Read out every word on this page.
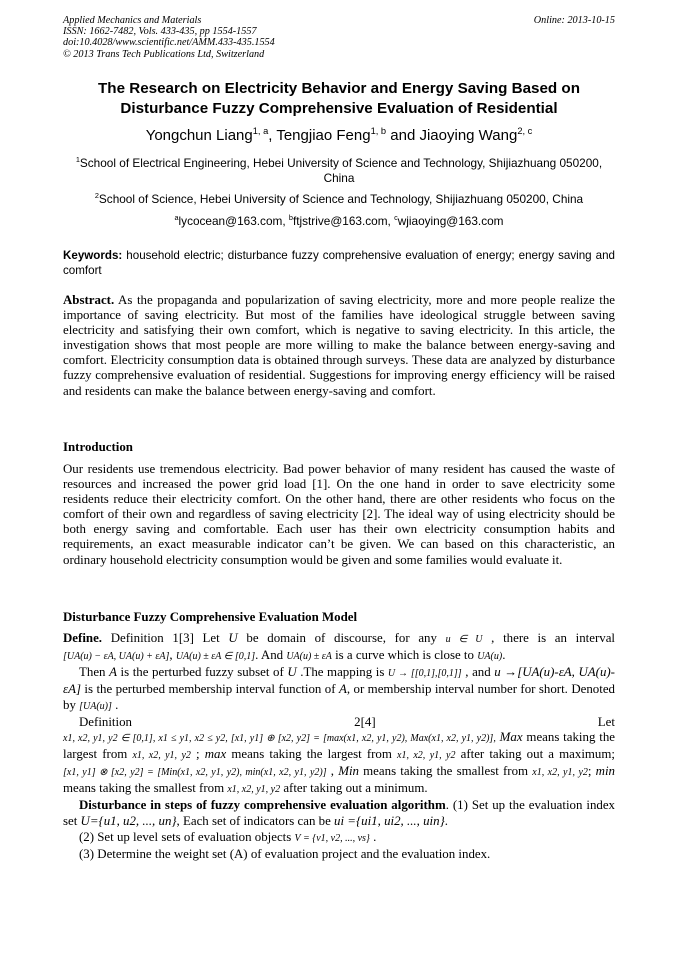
Applied Mechanics and Materials
ISSN: 1662-7482, Vols. 433-435, pp 1554-1557
doi:10.4028/www.scientific.net/AMM.433-435.1554
© 2013 Trans Tech Publications Ltd, Switzerland
Online: 2013-10-15
The Research on Electricity Behavior and Energy Saving Based on
Disturbance Fuzzy Comprehensive Evaluation of Residential
Yongchun Liang$^{1, a}$, Tengjiao Feng$^{1, b}$ and Jiaoying Wang$^{2, c}$
$^1$School of Electrical Engineering, Hebei University of Science and Technology, Shijiazhuang 050200, China
$^2$School of Science, Hebei University of Science and Technology, Shijiazhuang 050200, China
$^a$lycocean@163.com, $^b$ftjstrive@163.com, $^c$wjiaoying@163.com
Keywords: household electric; disturbance fuzzy comprehensive evaluation of energy; energy saving and comfort
Abstract. As the propaganda and popularization of saving electricity, more and more people realize the importance of saving electricity. But most of the families have ideological struggle between saving electricity and satisfying their own comfort, which is negative to saving electricity. In this article, the investigation shows that most people are more willing to make the balance between energy-saving and comfort. Electricity consumption data is obtained through surveys. These data are analyzed by disturbance fuzzy comprehensive evaluation of residential. Suggestions for improving energy efficiency will be raised and residents can make the balance between energy-saving and comfort.
Introduction
Our residents use tremendous electricity. Bad power behavior of many resident has caused the waste of resources and increased the power grid load [1]. On the one hand in order to save electricity some residents reduce their electricity comfort. On the other hand, there are other residents who focus on the comfort of their own and regardless of saving electricity [2]. The ideal way of using electricity should be both energy saving and comfortable. Each user has their own electricity consumption habits and requirements, an exact measurable indicator can’t be given. We can based on this characteristic, an ordinary household electricity consumption would be given and some families would evaluate it.
Disturbance Fuzzy Comprehensive Evaluation Model

Define. Definition 1[3] Let U be domain of discourse, for any u ∈ U , there is an interval [UA(u) − εA, UA(u) + εA], UA(u) ± εA ∈ [0,1]. And UA(u) ± εA is a curve which is close to UA(u).

Then A is the perturbed fuzzy subset of U .The mapping is U → [[0,1],[0,1]] , and u →[UA(u)-εA, UA(u)-εA] is the perturbed membership interval function of A, or membership interval number for short. Denoted by [UA(u)] .

Definition	2[4]	Let

x1, x2, y1, y2 ∈ [0,1], x1 ≤ y1, x2 ≤ y2, [x1, y1] ⊕ [x2, y2] = [max(x1, x2, y1, y2), Max(x1, x2, y1, y2)], Max means taking the largest from x1, x2, y1, y2 ; max means taking the largest from x1, x2, y1, y2 after taking out a maximum; [x1, y1] ⊗ [x2, y2] = [Min(x1, x2, y1, y2), min(x1, x2, y1, y2)] , Min means taking the smallest from x1, x2, y1, y2; min means taking the smallest from x1, x2, y1, y2 after taking out a minimum.

Disturbance in steps of fuzzy comprehensive evaluation algorithm. (1) Set up the evaluation index set U={u1, u2, ..., un}, Each set of indicators can be ui ={ui1, ui2, ..., uin}.

(2) Set up level sets of evaluation objects V = {v1, v2, ..., vs} .

(3) Determine the weight set (A) of evaluation project and the evaluation index.
